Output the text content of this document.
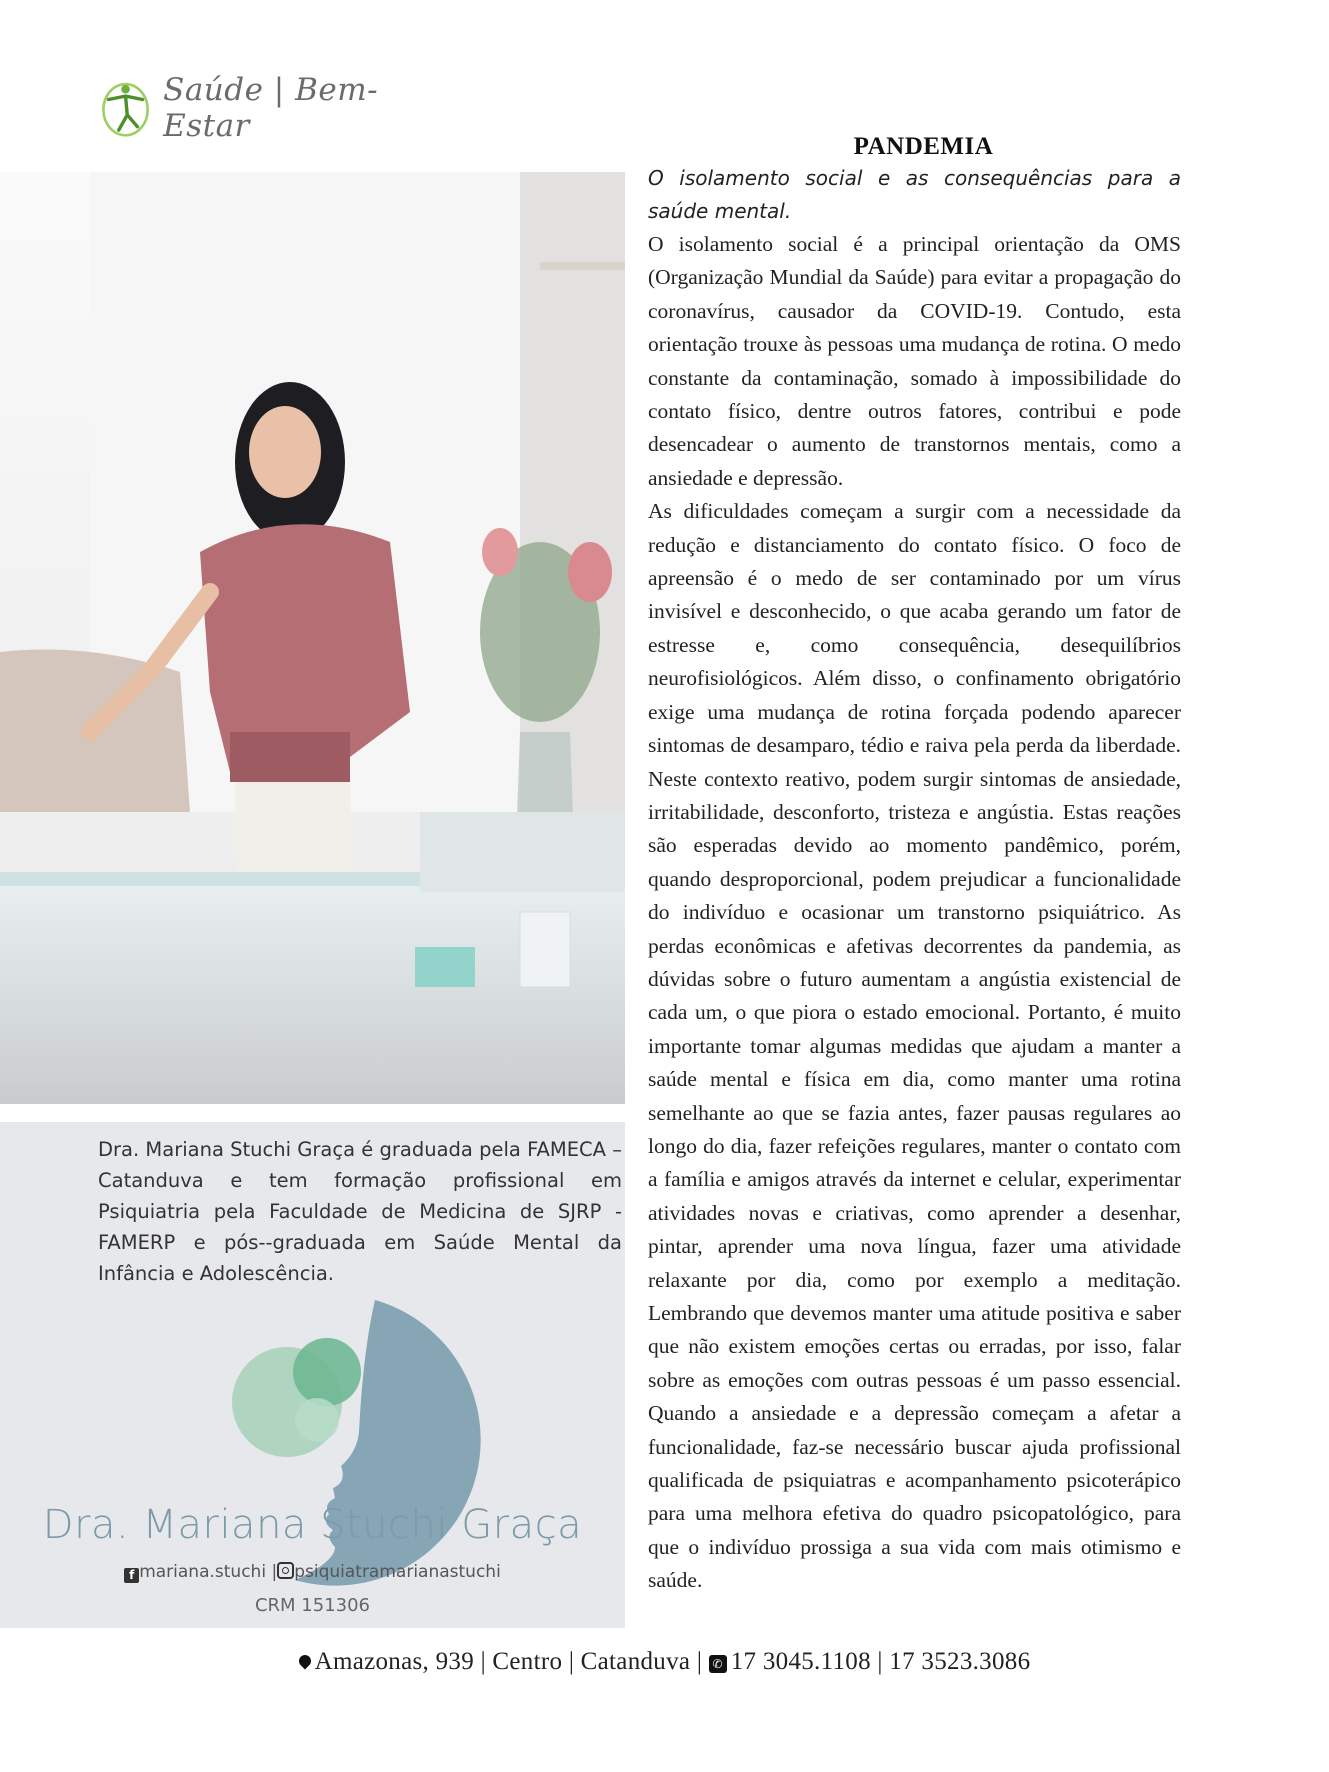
Saúde | Bem-Estar
Dra. Mariana Stuchi Graça é graduada pela FAMECA – Catanduva e tem formação profissional em Psiquiatria pela Faculdade de Medicina de SJRP - FAMERP e pós--graduada em Saúde Mental da Infância e Adolescência.
Dra. Mariana Stuchi Graça
f mariana.stuchi | psiquiatramarianastuchi
CRM 151306
PANDEMIA

O isolamento social e as consequências para a saúde mental.

O isolamento social é a principal orientação da OMS (Organização Mundial da Saúde) para evitar a propagação do coronavírus, causador da COVID-19. Contudo, esta orientação trouxe às pessoas uma mudança de rotina. O medo constante da contaminação, somado à impossibilidade do contato físico, dentre outros fatores, contribui e pode desencadear o aumento de transtornos mentais, como a ansiedade e depressão.

As dificuldades começam a surgir com a necessidade da redução e distanciamento do contato físico. O foco de apreensão é o medo de ser contaminado por um vírus invisível e desconhecido, o que acaba gerando um fator de estresse e, como consequência, desequilíbrios neurofisiológicos. Além disso, o confinamento obrigatório exige uma mudança de rotina forçada podendo aparecer sintomas de desamparo, tédio e raiva pela perda da liberdade. Neste contexto reativo, podem surgir sintomas de ansiedade, irritabilidade, desconforto, tristeza e angústia. Estas reações são esperadas devido ao momento pandêmico, porém, quando desproporcional, podem prejudicar a funcionalidade do indivíduo e ocasionar um transtorno psiquiátrico. As perdas econômicas e afetivas decorrentes da pandemia, as dúvidas sobre o futuro aumentam a angústia existencial de cada um, o que piora o estado emocional. Portanto, é muito importante tomar algumas medidas que ajudam a manter a saúde mental e física em dia, como manter uma rotina semelhante ao que se fazia antes, fazer pausas regulares ao longo do dia, fazer refeições regulares, manter o contato com a família e amigos através da internet e celular, experimentar atividades novas e criativas, como aprender a desenhar, pintar, aprender uma nova língua, fazer uma atividade relaxante por dia, como por exemplo a meditação. Lembrando que devemos manter uma atitude positiva e saber que não existem emoções certas ou erradas, por isso, falar sobre as emoções com outras pessoas é um passo essencial. Quando a ansiedade e a depressão começam a afetar a funcionalidade, faz-se necessário buscar ajuda profissional qualificada de psiquiatras e acompanhamento psicoterápico para uma melhora efetiva do quadro psicopatológico, para que o indivíduo prossiga a sua vida com mais otimismo e saúde.

Amazonas, 939 | Centro | Catanduva | ✆ 17 3045.1108 | 17 3523.3086
